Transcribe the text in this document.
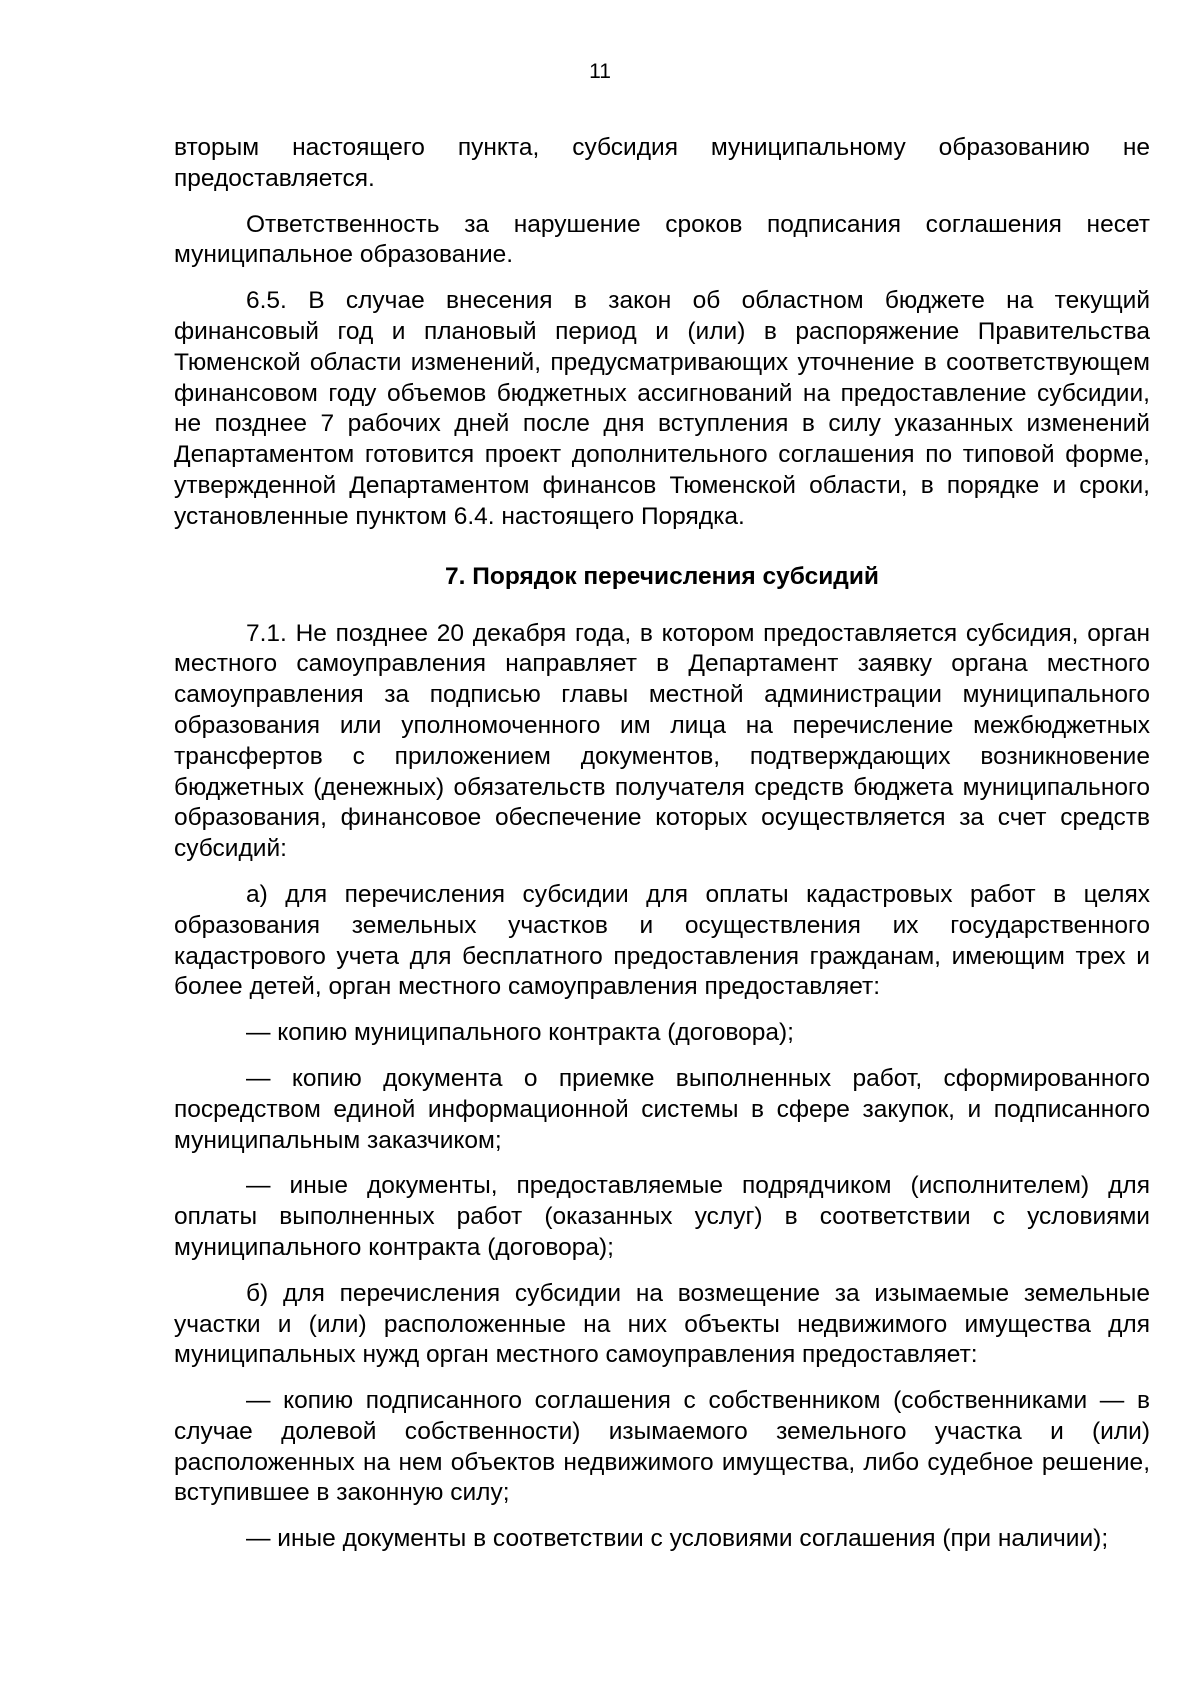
11

вторым настоящего пункта, субсидия муниципальному образованию не предоставляется.

Ответственность за нарушение сроков подписания соглашения несет муниципальное образование.

6.5. В случае внесения в закон об областном бюджете на текущий финансовый год и плановый период и (или) в распоряжение Правительства Тюменской области изменений, предусматривающих уточнение в соответствующем финансовом году объемов бюджетных ассигнований на предоставление субсидии, не позднее 7 рабочих дней после дня вступления в силу указанных изменений Департаментом готовится проект дополнительного соглашения по типовой форме, утвержденной Департаментом финансов Тюменской области, в порядке и сроки, установленные пунктом 6.4. настоящего Порядка.

7. Порядок перечисления субсидий

7.1. Не позднее 20 декабря года, в котором предоставляется субсидия, орган местного самоуправления направляет в Департамент заявку органа местного самоуправления за подписью главы местной администрации муниципального образования или уполномоченного им лица на перечисление межбюджетных трансфертов с приложением документов, подтверждающих возникновение бюджетных (денежных) обязательств получателя средств бюджета муниципального образования, финансовое обеспечение которых осуществляется за счет средств субсидий:

а) для перечисления субсидии для оплаты кадастровых работ в целях образования земельных участков и осуществления их государственного кадастрового учета для бесплатного предоставления гражданам, имеющим трех и более детей, орган местного самоуправления предоставляет:

— копию муниципального контракта (договора);

— копию документа о приемке выполненных работ, сформированного посредством единой информационной системы в сфере закупок, и подписанного муниципальным заказчиком;

— иные документы, предоставляемые подрядчиком (исполнителем) для оплаты выполненных работ (оказанных услуг) в соответствии с условиями муниципального контракта (договора);

б) для перечисления субсидии на возмещение за изымаемые земельные участки и (или) расположенные на них объекты недвижимого имущества для муниципальных нужд орган местного самоуправления предоставляет:

— копию подписанного соглашения с собственником (собственниками — в случае долевой собственности) изымаемого земельного участка и (или) расположенных на нем объектов недвижимого имущества, либо судебное решение, вступившее в законную силу;

— иные документы в соответствии с условиями соглашения (при наличии);
